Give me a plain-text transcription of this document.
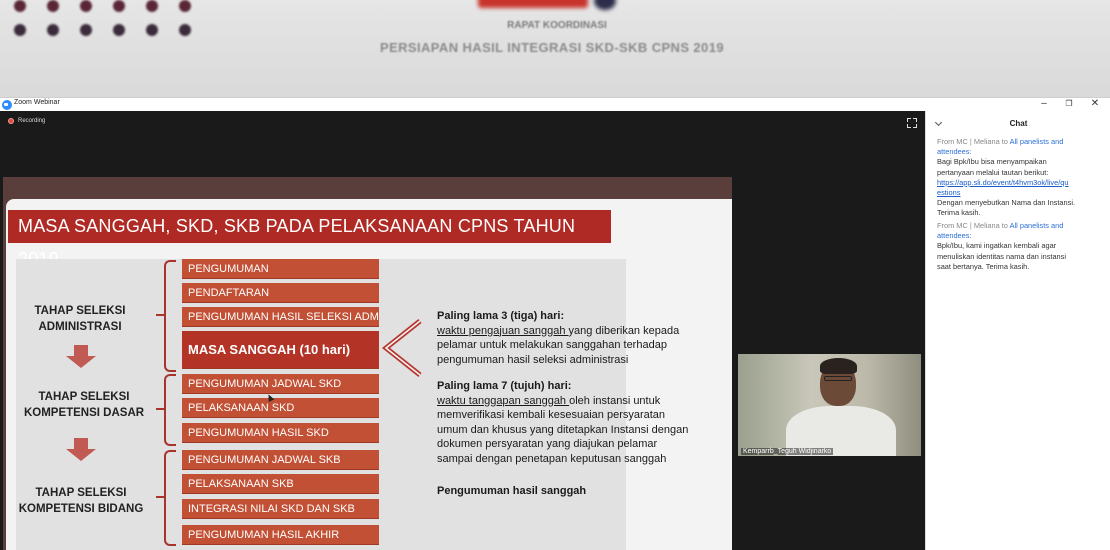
RAPAT KOORDINASI
PERSIAPAN HASIL INTEGRASI SKD-SKB CPNS 2019
Zoom Webinar	–	❐	✕
Recording
MASA SANGGAH, SKD, SKB PADA PELAKSANAAN CPNS TAHUN
TAHAP SELEKSI ADMINISTRASI
TAHAP SELEKSI KOMPETENSI DASAR
TAHAP SELEKSI KOMPETENSI BIDANG
PENGUMUMAN
PENDAFTARAN
PENGUMUMAN HASIL SELEKSI ADM
MASA SANGGAH (10 hari)
PENGUMUMAN JADWAL SKD
PELAKSANAAN SKD
PENGUMUMAN HASIL SKD
PENGUMUMAN JADWAL SKB
PELAKSANAAN SKB
INTEGRASI NILAI SKD DAN SKB
PENGUMUMAN HASIL AKHIR
Paling lama 3 (tiga) hari:
waktu pengajuan sanggah yang diberikan kepada
pelamar untuk melakukan sanggahan terhadap
pengumuman hasil seleksi administrasi
Paling lama 7 (tujuh) hari:
waktu tanggapan sanggah oleh instansi untuk
memverifikasi kembali kesesuaian persyaratan
umum dan khusus yang ditetapkan Instansi dengan
dokumen persyaratan yang diajukan pelamar
sampai dengan penetapan keputusan sanggah
Pengumuman hasil sanggah
Kemparrb_Teguh Widjinarko
Chat
From MC | Meliana to All panelists and attendees:
Bagi Bpk/Ibu bisa menyampaikan
pertanyaan melalui tautan berikut:
https://app.sli.do/event/t4hvm3ok/live/qu
estions
Dengan menyebutkan Nama dan Instansi.
Terima kasih.
From MC | Meliana to All panelists and attendees:
Bpk/Ibu, kami ingatkan kembali agar
menuliskan identitas nama dan instansi
saat bertanya. Terima kasih.
